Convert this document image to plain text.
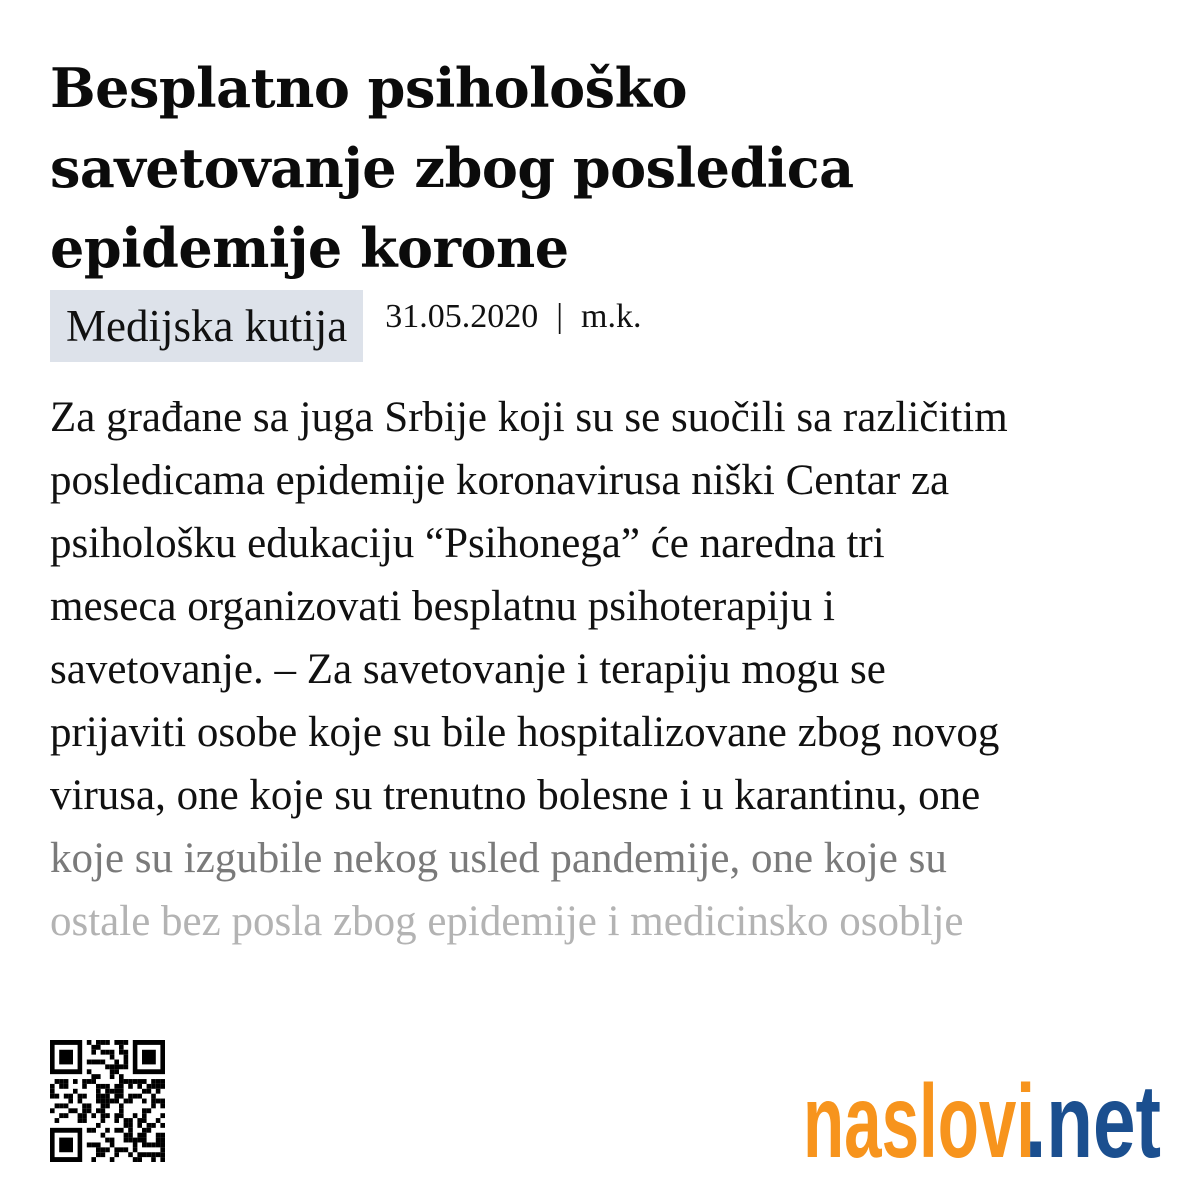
Besplatno psihološko
savetovanje zbog posledica
epidemije korone
Medijska kutija	31.05.2020 | m.k.
Za građane sa juga Srbije koji su se suočili sa različitim
posledicama epidemije koronavirusa niški Centar za
psihološku edukaciju “Psihonega” će naredna tri
meseca organizovati besplatnu psihoterapiju i
savetovanje. – Za savetovanje i terapiju mogu se
prijaviti osobe koje su bile hospitalizovane zbog novog
virusa, one koje su trenutno bolesne i u karantinu, one
koje su izgubile nekog usled pandemije, one koje su
ostale bez posla zbog epidemije i medicinsko osoblje
naslovi
.net
